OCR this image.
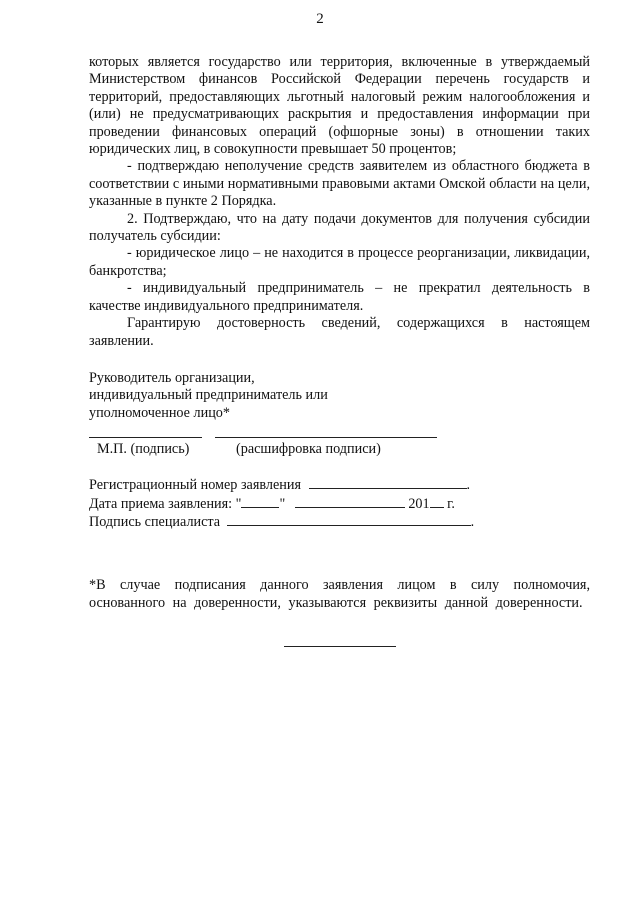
2

которых является государство или территория, включенные в утверждаемый Министерством финансов Российской Федерации перечень государств и территорий, предоставляющих льготный налоговый режим налогообложения и (или) не предусматривающих раскрытия и предоставления информации при проведении финансовых операций (офшорные зоны) в отношении таких юридических лиц, в совокупности превышает 50 процентов;

- подтверждаю неполучение средств заявителем из областного бюджета в соответствии с иными нормативными правовыми актами Омской области на цели, указанные в пункте 2 Порядка.

2. Подтверждаю, что на дату подачи документов для получения субсидии получатель субсидии:

- юридическое лицо – не находится в процессе реорганизации, ликвидации, банкротства;

- индивидуальный предприниматель – не прекратил деятельность в качестве индивидуального предпринимателя.

Гарантирую достоверность сведений, содержащихся в настоящем заявлении.

Руководитель организации,
индивидуальный предприниматель или
уполномоченное лицо*
М.П. (подпись)	(расшифровка подписи)
Регистрационный номер заявления	.
Дата приема заявления: "	"	201 г.
Подпись специалиста	.

*В случае подписания данного заявления лицом в силу полномочия, основанного на доверенности, указываются реквизиты данной доверенности.
